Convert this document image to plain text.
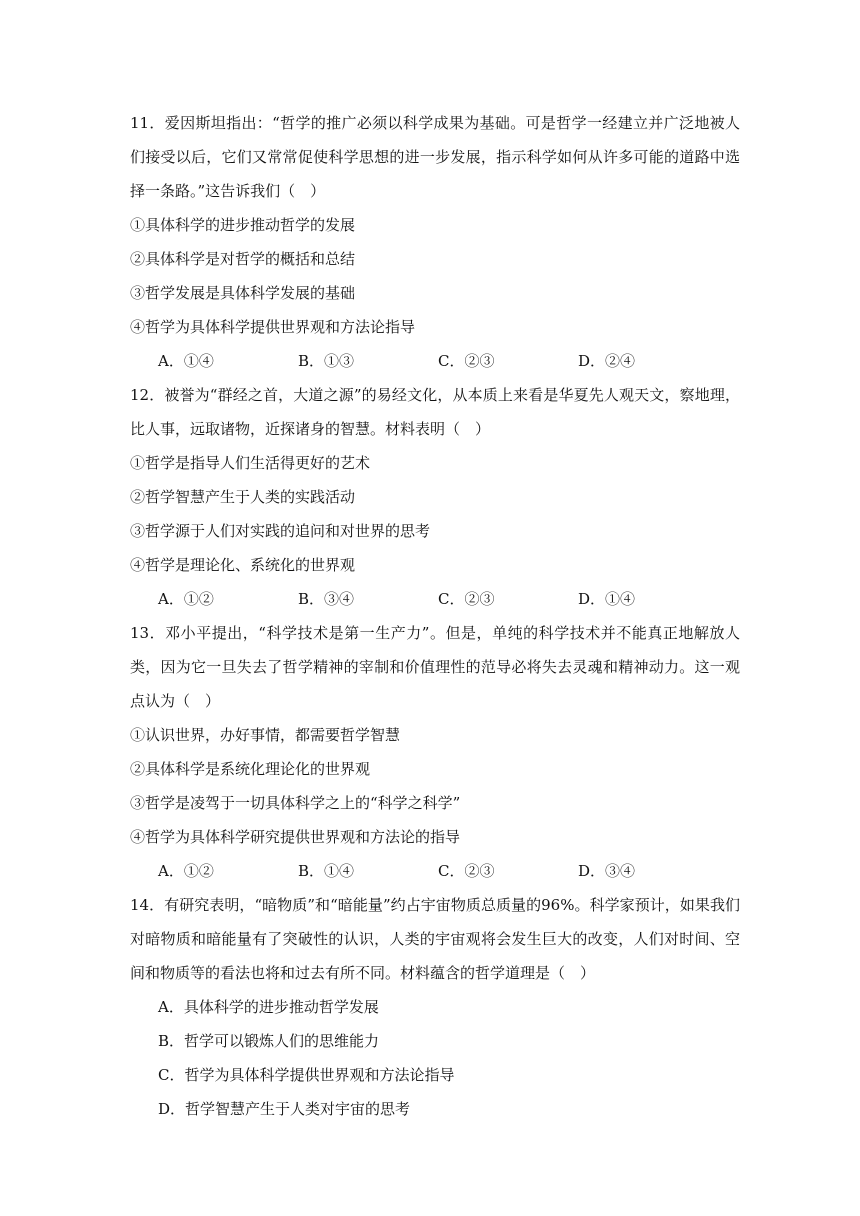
11．爱因斯坦指出：“哲学的推广必须以科学成果为基础。可是哲学一经建立并广泛地被人们接受以后，它们又常常促使科学思想的进一步发展，指示科学如何从许多可能的道路中选择一条路。”这告诉我们（　）
①具体科学的进步推动哲学的发展
②具体科学是对哲学的概括和总结
③哲学发展是具体科学发展的基础
④哲学为具体科学提供世界观和方法论指导
A．①④	B．①③	C．②③	D．②④
12．被誉为“群经之首，大道之源”的易经文化，从本质上来看是华夏先人观天文，察地理，比人事，远取诸物，近探诸身的智慧。材料表明（　）
①哲学是指导人们生活得更好的艺术
②哲学智慧产生于人类的实践活动
③哲学源于人们对实践的追问和对世界的思考
④哲学是理论化、系统化的世界观
A．①②	B．③④	C．②③	D．①④
13．邓小平提出，“科学技术是第一生产力”。但是，单纯的科学技术并不能真正地解放人类，因为它一旦失去了哲学精神的宰制和价值理性的范导必将失去灵魂和精神动力。这一观点认为（　）
①认识世界，办好事情，都需要哲学智慧
②具体科学是系统化理论化的世界观
③哲学是凌驾于一切具体科学之上的“科学之科学”
④哲学为具体科学研究提供世界观和方法论的指导
A．①②	B．①④	C．②③	D．③④
14．有研究表明，“暗物质”和“暗能量”约占宇宙物质总质量的96%。科学家预计，如果我们对暗物质和暗能量有了突破性的认识，人类的宇宙观将会发生巨大的改变，人们对时间、空间和物质等的看法也将和过去有所不同。材料蕴含的哲学道理是（　）
A．具体科学的进步推动哲学发展
B．哲学可以锻炼人们的思维能力
C．哲学为具体科学提供世界观和方法论指导
D．哲学智慧产生于人类对宇宙的思考
